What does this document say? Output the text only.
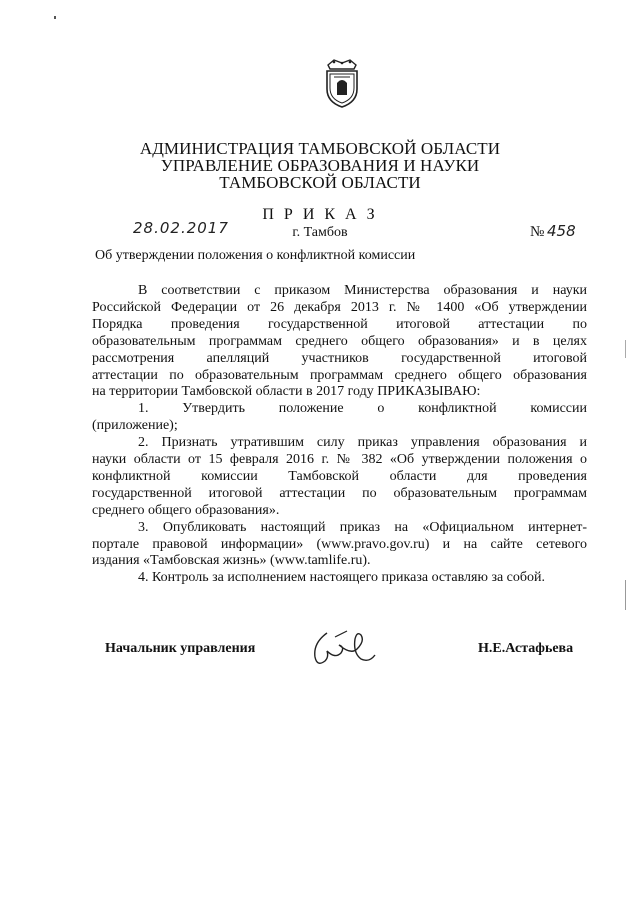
АДМИНИСТРАЦИЯ ТАМБОВСКОЙ ОБЛАСТИ
УПРАВЛЕНИЕ ОБРАЗОВАНИЯ И НАУКИ
ТАМБОВСКОЙ ОБЛАСТИ
П Р И К А З
28.02.2017	г. Тамбов	№ 458
Об утверждении положения о конфликтной комиссии
В соответствии с приказом Министерства образования и науки
Российской Федерации от 26 декабря 2013 г. № 1400 «Об утверждении
Порядка проведения государственной итоговой аттестации по
образовательным программам среднего общего образования» и в целях
рассмотрения апелляций участников государственной итоговой
аттестации по образовательным программам среднего общего образования
на территории Тамбовской области в 2017 году ПРИКАЗЫВАЮ:
1. Утвердить положение о конфликтной комиссии
(приложение);
2. Признать утратившим силу приказ управления образования и
науки области от 15 февраля 2016 г. № 382 «Об утверждении положения о
конфликтной комиссии Тамбовской области для проведения
государственной итоговой аттестации по образовательным программам
среднего общего образования».
3. Опубликовать настоящий приказ на «Официальном интернет-
портале правовой информации» (www.pravo.gov.ru) и на сайте сетевого
издания «Тамбовская жизнь» (www.tamlife.ru).
4. Контроль за исполнением настоящего приказа оставляю за собой.
Начальник управления	Н.Е.Астафьева
